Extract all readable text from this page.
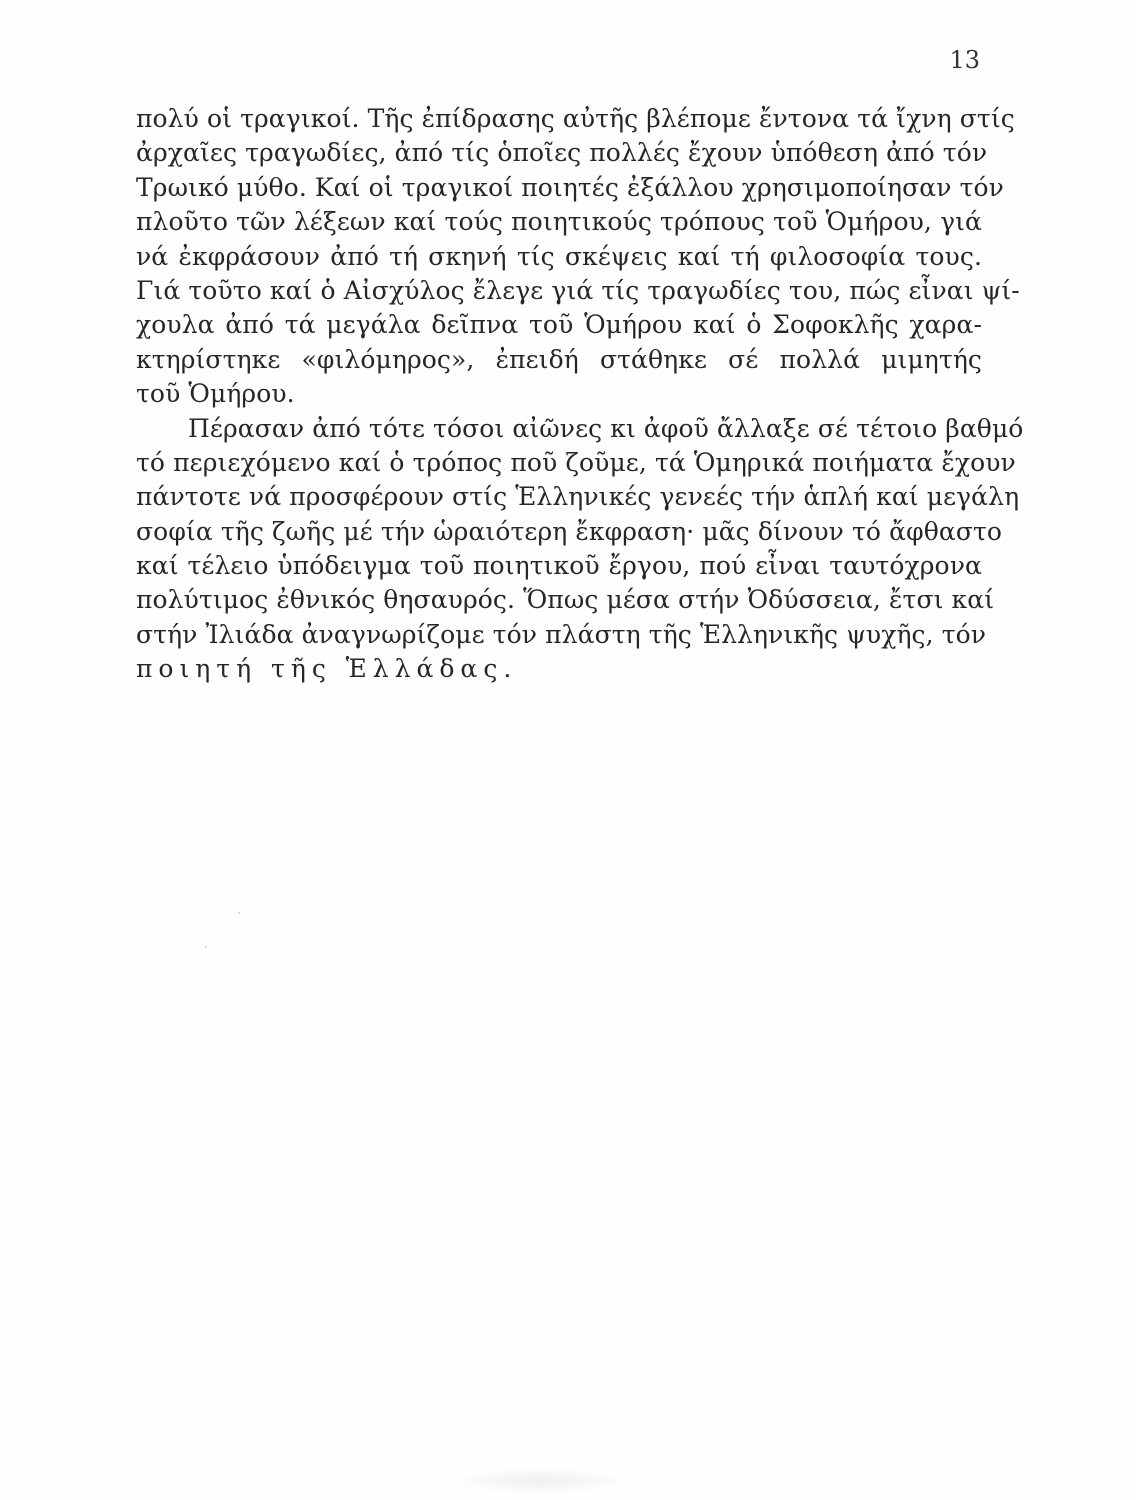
13
πολύ οἱ τραγικοί. Τῆς ἐπίδρασης αὐτῆς βλέπομε ἔντονα τά ἴχνη στίς
ἀρχαῖες τραγωδίες, ἀπό τίς ὁποῖες πολλές ἔχουν ὑπόθεση ἀπό τόν
Τρωικό μύθο. Καί οἱ τραγικοί ποιητές ἐξάλλου χρησιμοποίησαν τόν
πλοῦτο τῶν λέξεων καί τούς ποιητικούς τρόπους τοῦ Ὁμήρου, γιά
νά ἐκφράσουν ἀπό τή σκηνή τίς σκέψεις καί τή φιλοσοφία τους.
Γιά τοῦτο καί ὁ Αἰσχύλος ἔλεγε γιά τίς τραγωδίες του, πώς εἶναι ψί-
χουλα ἀπό τά μεγάλα δεῖπνα τοῦ Ὁμήρου καί ὁ Σοφοκλῆς χαρα-
κτηρίστηκε «φιλόμηρος», ἐπειδή στάθηκε σέ πολλά μιμητής
τοῦ Ὁμήρου.
Πέρασαν ἀπό τότε τόσοι αἰῶνες κι ἀφοῦ ἄλλαξε σέ τέτοιο βαθμό
τό περιεχόμενο καί ὁ τρόπος ποῦ ζοῦμε, τά Ὁμηρικά ποιήματα ἔχουν
πάντοτε νά προσφέρουν στίς Ἑλληνικές γενεές τήν ἁπλή καί μεγάλη
σοφία τῆς ζωῆς μέ τήν ὡραιότερη ἔκφραση· μᾶς δίνουν τό ἄφθαστο
καί τέλειο ὑπόδειγμα τοῦ ποιητικοῦ ἔργου, πού εἶναι ταυτόχρονα
πολύτιμος ἐθνικός θησαυρός. Ὅπως μέσα στήν Ὀδύσσεια, ἔτσι καί
στήν Ἰλιάδα ἀναγνωρίζομε τόν πλάστη τῆς Ἑλληνικῆς ψυχῆς, τόν
ποιητή τῆς Ἑλλάδας.
